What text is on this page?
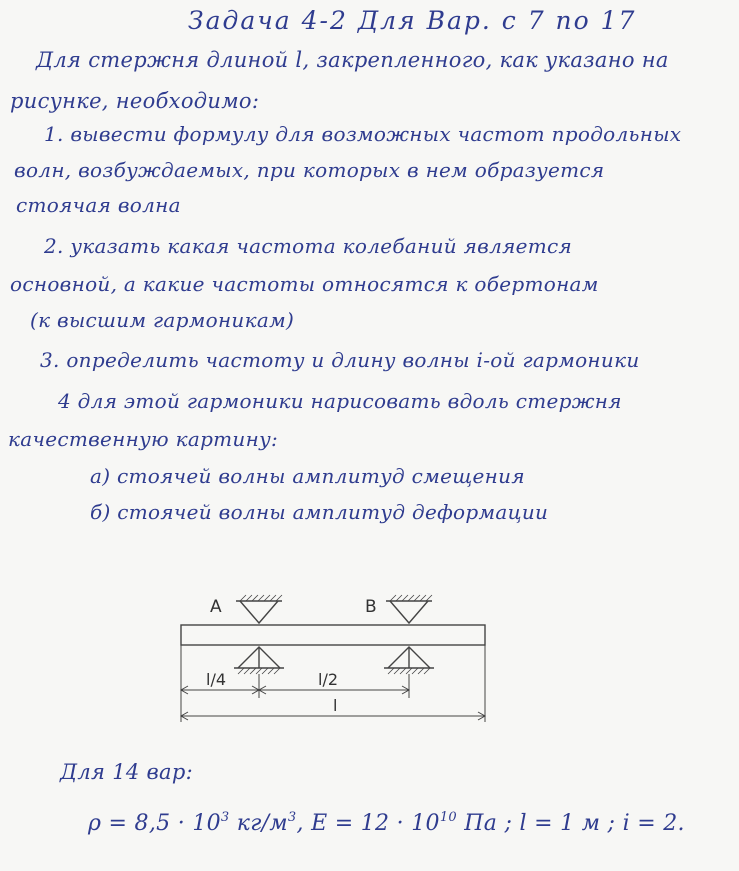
Задача 4-2 Для Вар. с 7 по 17
Для стержня длиной l, закрепленного, как указано на
рисунке, необходимо:
1. вывести формулу для возможных частот продольных
волн, возбуждаемых, при которых в нем образуется
стоячая волна
2. указать какая частота колебаний является
основной, а какие частоты относятся к обертонам
(к высшим гармоникам)
3. определить частоту и длину волны i-ой гармоники
4 для этой гармоники нарисовать вдоль стержня
качественную картину:
а) стоячей волны амплитуд смещения
б) стоячей волны амплитуд деформации
A	B
l/4	l/2
l
Для 14 вар:
$\rho = 8,5 \cdot 10^3$ $кг/м^3$, $E = 12 \cdot 10^{10}$ Па ; l = 1 м ; i = 2.
